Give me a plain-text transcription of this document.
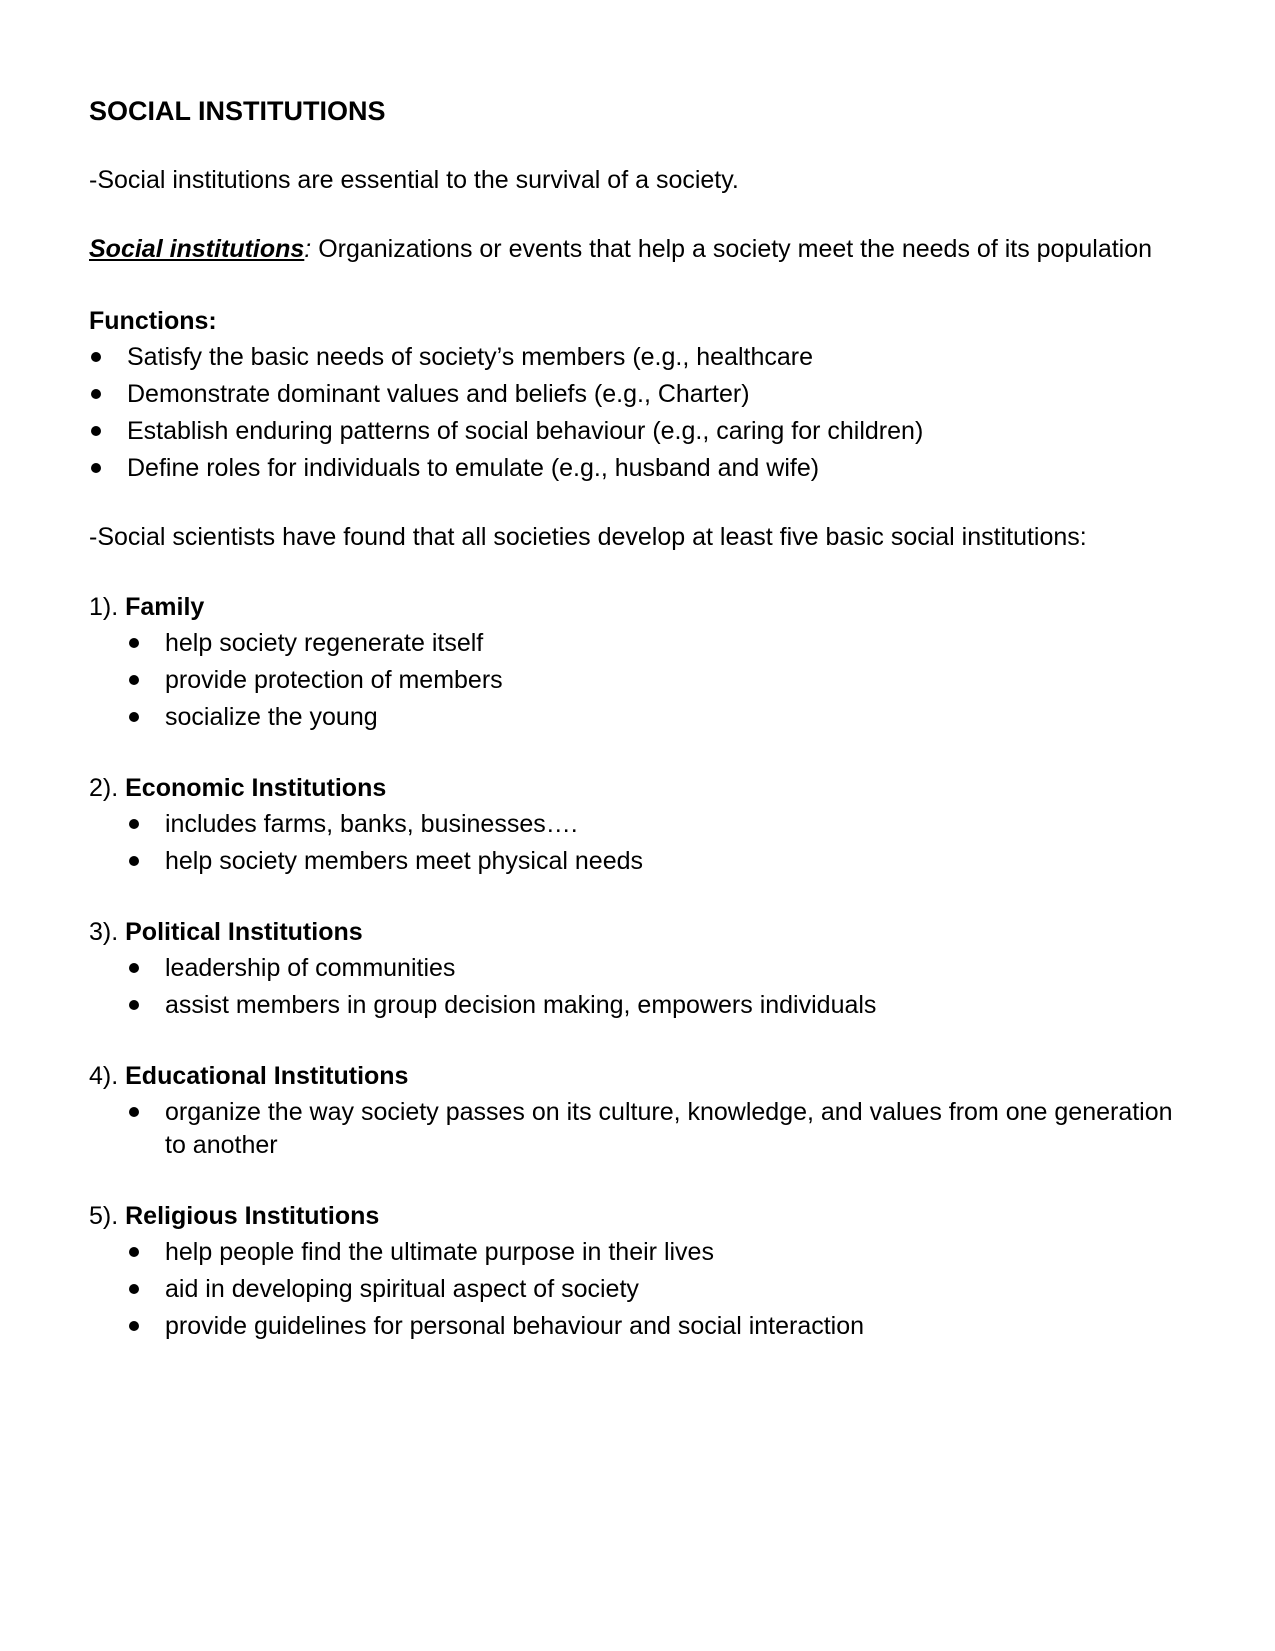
SOCIAL INSTITUTIONS

-Social institutions are essential to the survival of a society.

Social institutions: Organizations or events that help a society meet the needs of its population

Functions:

Satisfy the basic needs of society’s members (e.g., healthcare
Demonstrate dominant values and beliefs (e.g., Charter)
Establish enduring patterns of social behaviour (e.g., caring for children)
Define roles for individuals to emulate (e.g., husband and wife)

-Social scientists have found that all societies develop at least five basic social institutions:

1). Family

help society regenerate itself
provide protection of members
socialize the young

2). Economic Institutions

includes farms, banks, businesses….
help society members meet physical needs

3). Political Institutions

leadership of communities
assist members in group decision making, empowers individuals

4). Educational Institutions

organize the way society passes on its culture, knowledge, and values from one generation to another

5). Religious Institutions

help people find the ultimate purpose in their lives
aid in developing spiritual aspect of society
provide guidelines for personal behaviour and social interaction
